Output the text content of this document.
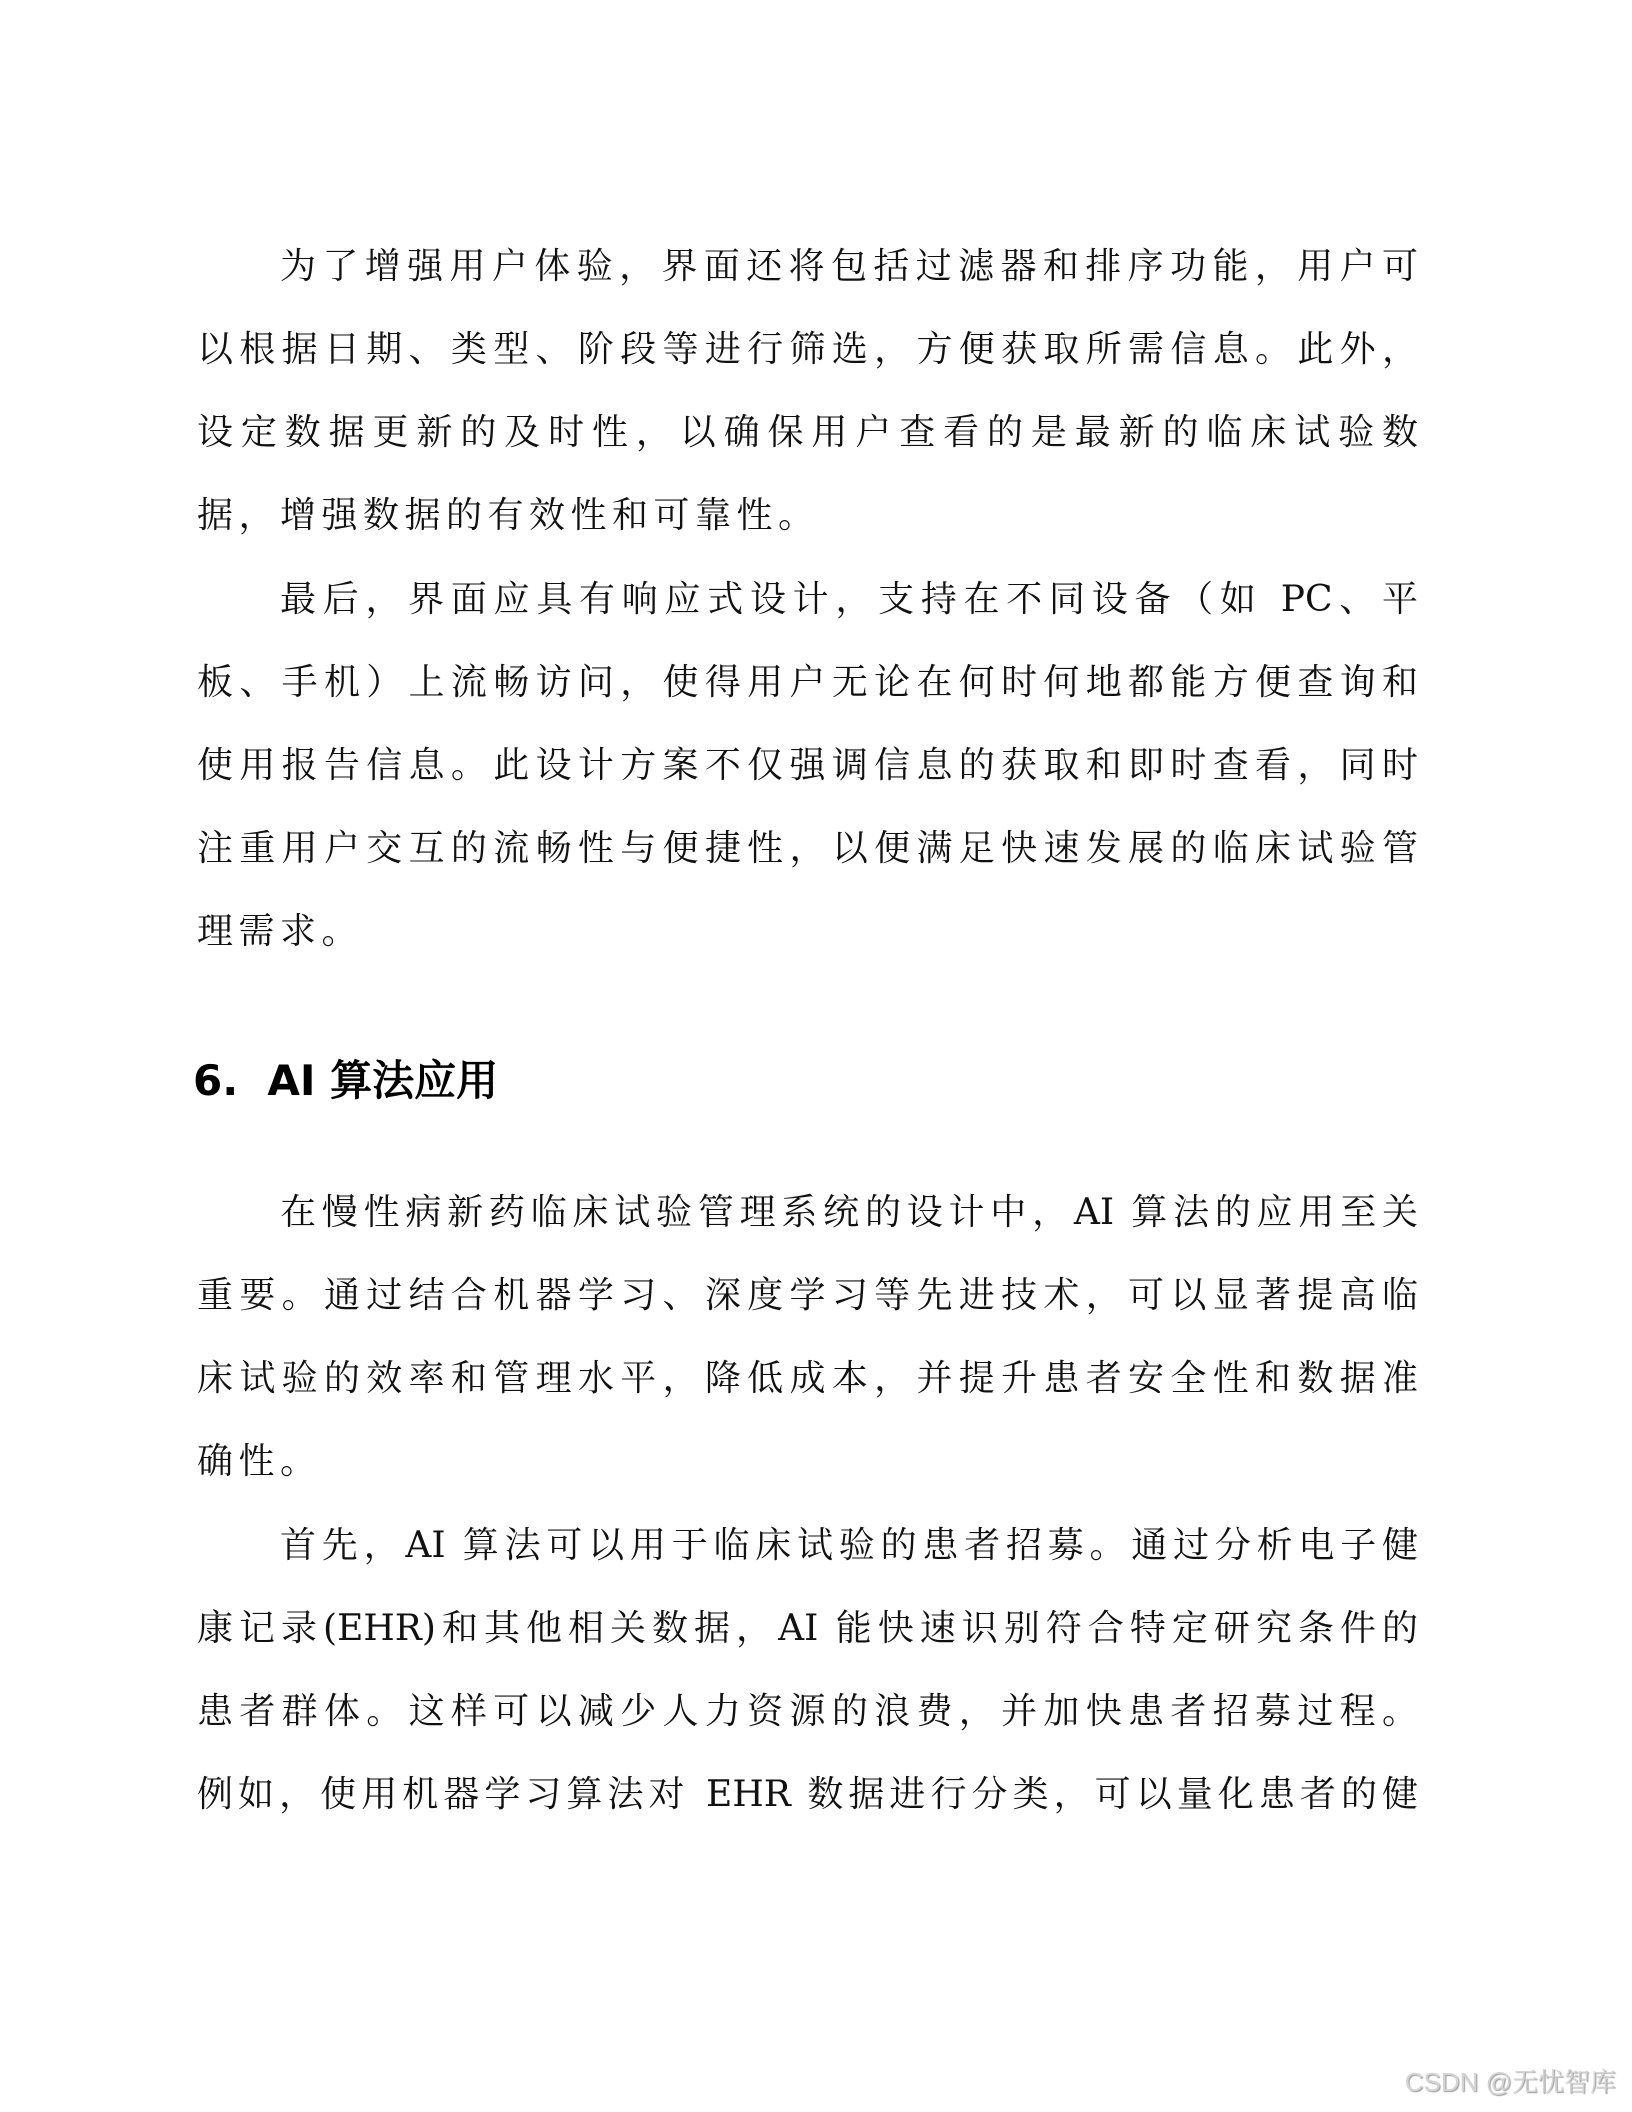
为了增强用户体验，界面还将包括过滤器和排序功能，用户可
以根据日期、类型、阶段等进行筛选，方便获取所需信息。此外，
设定数据更新的及时性，以确保用户查看的是最新的临床试验数
据，增强数据的有效性和可靠性。
最后，界面应具有响应式设计，支持在不同设备（如 PC、平
板、手机）上流畅访问，使得用户无论在何时何地都能方便查询和
使用报告信息。此设计方案不仅强调信息的获取和即时查看，同时
注重用户交互的流畅性与便捷性，以便满足快速发展的临床试验管
理需求。
6.  AI 算法应用
在慢性病新药临床试验管理系统的设计中，AI 算法的应用至关
重要。通过结合机器学习、深度学习等先进技术，可以显著提高临
床试验的效率和管理水平，降低成本，并提升患者安全性和数据准
确性。
首先，AI 算法可以用于临床试验的患者招募。通过分析电子健
康记录(EHR)和其他相关数据，AI 能快速识别符合特定研究条件的
患者群体。这样可以减少人力资源的浪费，并加快患者招募过程。
例如，使用机器学习算法对 EHR 数据进行分类，可以量化患者的健
CSDN @无忧智库
